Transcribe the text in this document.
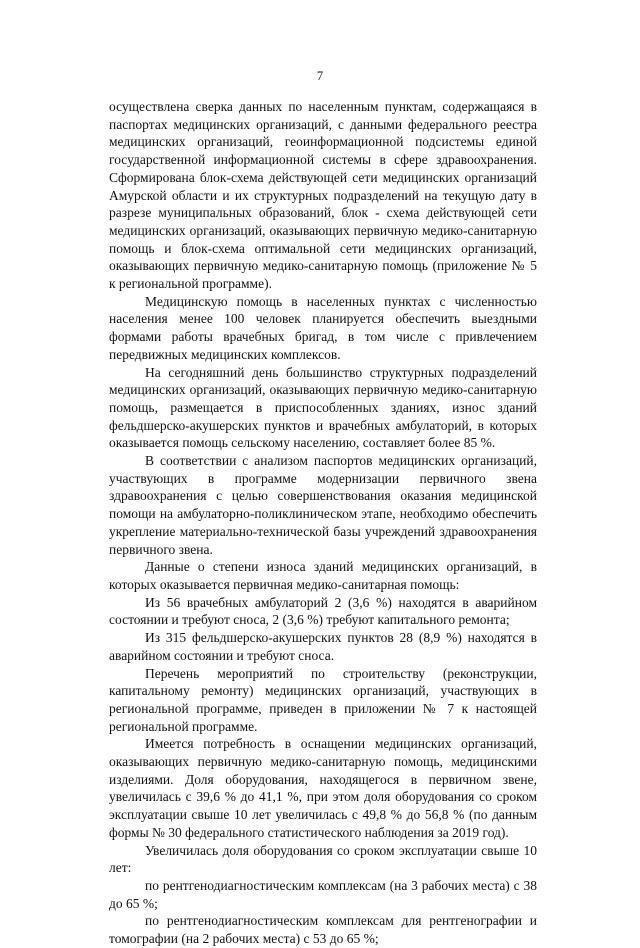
7

осуществлена сверка данных по населенным пунктам, содержащаяся в паспортах медицинских организаций, с данными федерального реестра медицинских организаций, геоинформационной подсистемы единой государственной информационной системы в сфере здравоохранения. Сформирована блок-схема действующей сети медицинских организаций Амурской области и их структурных подразделений на текущую дату в разрезе муниципальных образований, блок - схема действующей сети медицинских организаций, оказывающих первичную медико-санитарную помощь и блок-схема оптимальной сети медицинских организаций, оказывающих первичную медико-санитарную помощь (приложение № 5 к региональной программе).

Медицинскую помощь в населенных пунктах с численностью населения менее 100 человек планируется обеспечить выездными формами работы врачебных бригад, в том числе с привлечением передвижных медицинских комплексов.

На сегодняшний день большинство структурных подразделений медицинских организаций, оказывающих первичную медико-санитарную помощь, размещается в приспособленных зданиях, износ зданий фельдшерско-акушерских пунктов и врачебных амбулаторий, в которых оказывается помощь сельскому населению, составляет более 85 %.

В соответствии с анализом паспортов медицинских организаций, участвующих в программе модернизации первичного звена здравоохранения с целью совершенствования оказания медицинской помощи на амбулаторно-поликлиническом этапе, необходимо обеспечить укрепление материально-технической базы учреждений здравоохранения первичного звена.

Данные о степени износа зданий медицинских организаций, в которых оказывается первичная медико-санитарная помощь:

Из 56 врачебных амбулаторий 2 (3,6 %) находятся в аварийном состоянии и требуют сноса, 2 (3,6 %) требуют капитального ремонта;

Из 315 фельдшерско-акушерских пунктов 28 (8,9 %) находятся в аварийном состоянии и требуют сноса.

Перечень мероприятий по строительству (реконструкции, капитальному ремонту) медицинских организаций, участвующих в региональной программе, приведен в приложении № 7 к настоящей региональной программе.

Имеется потребность в оснащении медицинских организаций, оказывающих первичную медико-санитарную помощь, медицинскими изделиями. Доля оборудования, находящегося в первичном звене, увеличилась с 39,6 % до 41,1 %, при этом доля оборудования со сроком эксплуатации свыше 10 лет увеличилась с 49,8 % до 56,8 % (по данным формы № 30 федерального статистического наблюдения за 2019 год).

Увеличилась доля оборудования со сроком эксплуатации свыше 10 лет:

по рентгенодиагностическим комплексам (на 3 рабочих места) с 38 до 65 %;

по рентгенодиагностическим комплексам для рентгенографии и томографии (на 2 рабочих места) с 53 до 65 %;
